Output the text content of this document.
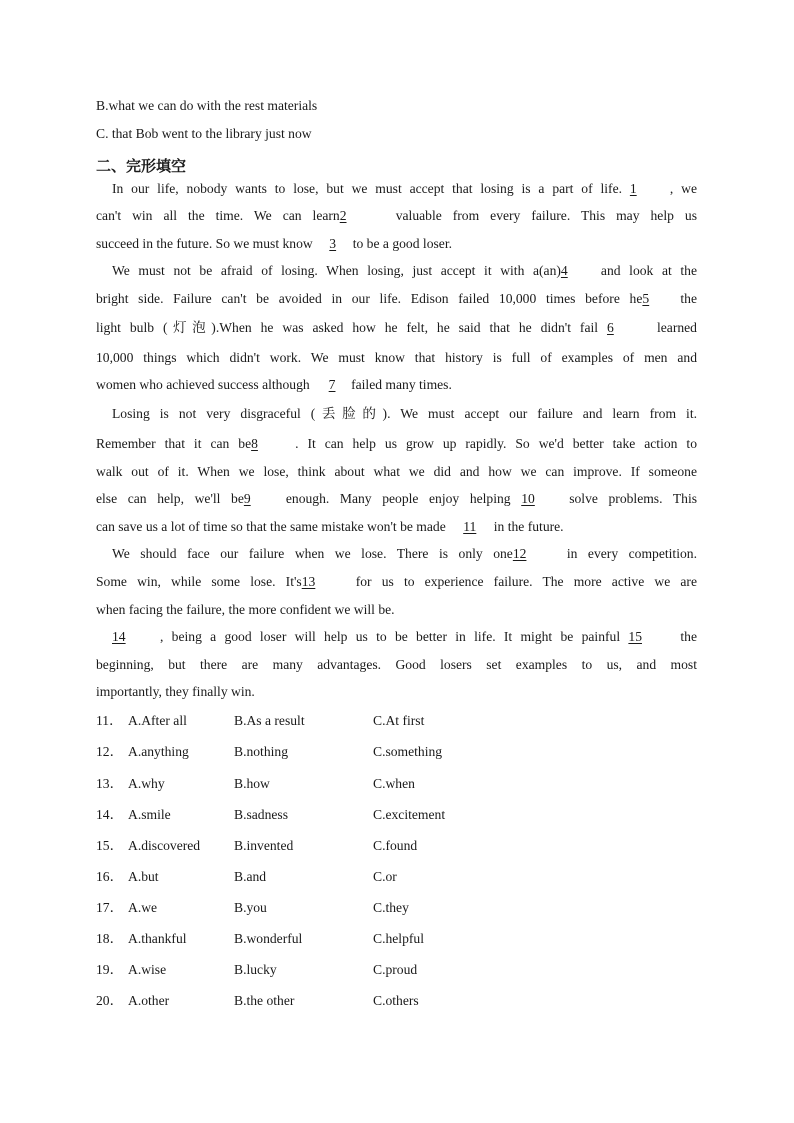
B.what we can do with the rest materials
C. that Bob went to the library just now
二、完形填空
In our life, nobody wants to lose, but we must accept that losing is a part of life. 1 , we
can't win all the time. We can learn2	valuable from every failure. This may help us
succeed in the future. So we must know 3 to be a good loser.
We must not be afraid of losing. When losing, just accept it with a(an)4 and look at the
bright side. Failure can't be avoided in our life. Edison failed 10,000 times before he5 the
light bulb (灯泡).When he was asked how he felt, he said that he didn't fail 6	learned
10,000 things which didn't work. We must know that history is full of examples of men and
women who achieved success although 7 failed many times.
Losing is not very disgraceful (丢脸的). We must accept our failure and learn from it.
Remember that it can be8	. It can help us grow up rapidly. So we'd better take action to
walk out of it. When we lose, think about what we did and how we can improve. If someone
else can help, we'll be9	enough. Many people enjoy helping 10	solve problems. This
can save us a lot of time so that the same mistake won't be made 11 in the future.
We should face our failure when we lose. There is only one12	in every competition.
Some win, while some lose. It's13	for us to experience failure. The more active we are
when facing the failure, the more confident we will be.
14	, being a good loser will help us to be better in life. It might be painful 15	the
beginning, but there are many advantages. Good losers set examples to us, and most
importantly, they finally win.
11． A.After all	B.As a result	C.At first
12． A.anything	B.nothing	C.something
13． A.why	B.how	C.when
14． A.smile	B.sadness	C.excitement
15． A.discovered B.invented	C.found
16． A.but	B.and	C.or
17． A.we	B.you	C.they
18． A.thankful	B.wonderful	C.helpful
19． A.wise	B.lucky	C.proud
20． A.other	B.the other	C.others
